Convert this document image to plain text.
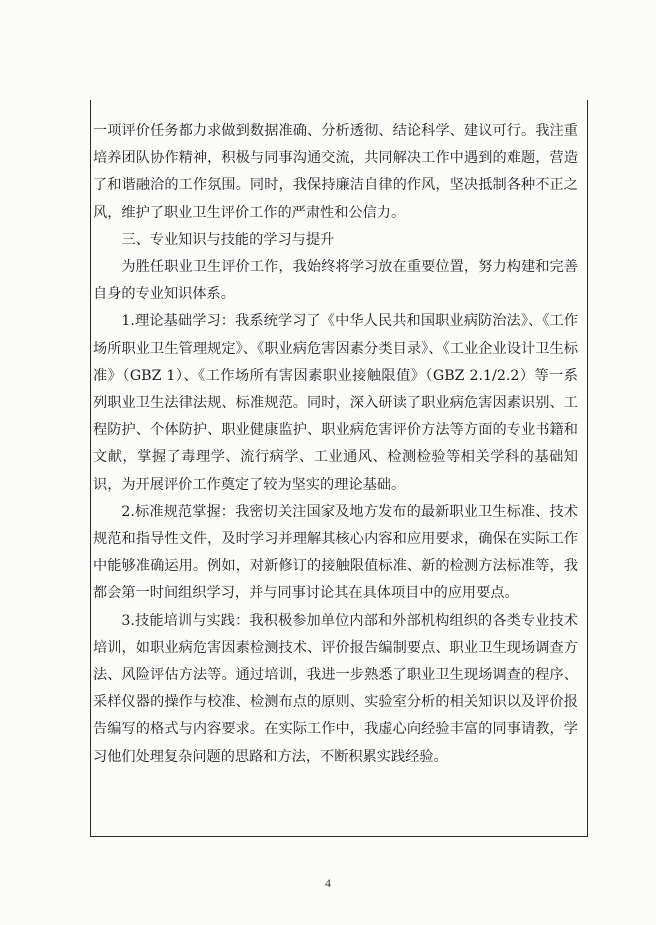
一项评价任务都力求做到数据准确、分析透彻、结论科学、建议可行。我注重培养团队协作精神，积极与同事沟通交流，共同解决工作中遇到的难题，营造了和谐融洽的工作氛围。同时，我保持廉洁自律的作风，坚决抵制各种不正之风，维护了职业卫生评价工作的严肃性和公信力。

三、专业知识与技能的学习与提升

为胜任职业卫生评价工作，我始终将学习放在重要位置，努力构建和完善自身的专业知识体系。

1.理论基础学习：我系统学习了《中华人民共和国职业病防治法》、《工作场所职业卫生管理规定》、《职业病危害因素分类目录》、《工业企业设计卫生标准》（GBZ 1）、《工作场所有害因素职业接触限值》（GBZ 2.1/2.2）等一系列职业卫生法律法规、标准规范。同时，深入研读了职业病危害因素识别、工程防护、个体防护、职业健康监护、职业病危害评价方法等方面的专业书籍和文献，掌握了毒理学、流行病学、工业通风、检测检验等相关学科的基础知识，为开展评价工作奠定了较为坚实的理论基础。

2.标准规范掌握：我密切关注国家及地方发布的最新职业卫生标准、技术规范和指导性文件，及时学习并理解其核心内容和应用要求，确保在实际工作中能够准确运用。例如，对新修订的接触限值标准、新的检测方法标准等，我都会第一时间组织学习，并与同事讨论其在具体项目中的应用要点。

3.技能培训与实践：我积极参加单位内部和外部机构组织的各类专业技术培训，如职业病危害因素检测技术、评价报告编制要点、职业卫生现场调查方法、风险评估方法等。通过培训，我进一步熟悉了职业卫生现场调查的程序、采样仪器的操作与校准、检测布点的原则、实验室分析的相关知识以及评价报告编写的格式与内容要求。在实际工作中，我虚心向经验丰富的同事请教，学习他们处理复杂问题的思路和方法，不断积累实践经验。

4
